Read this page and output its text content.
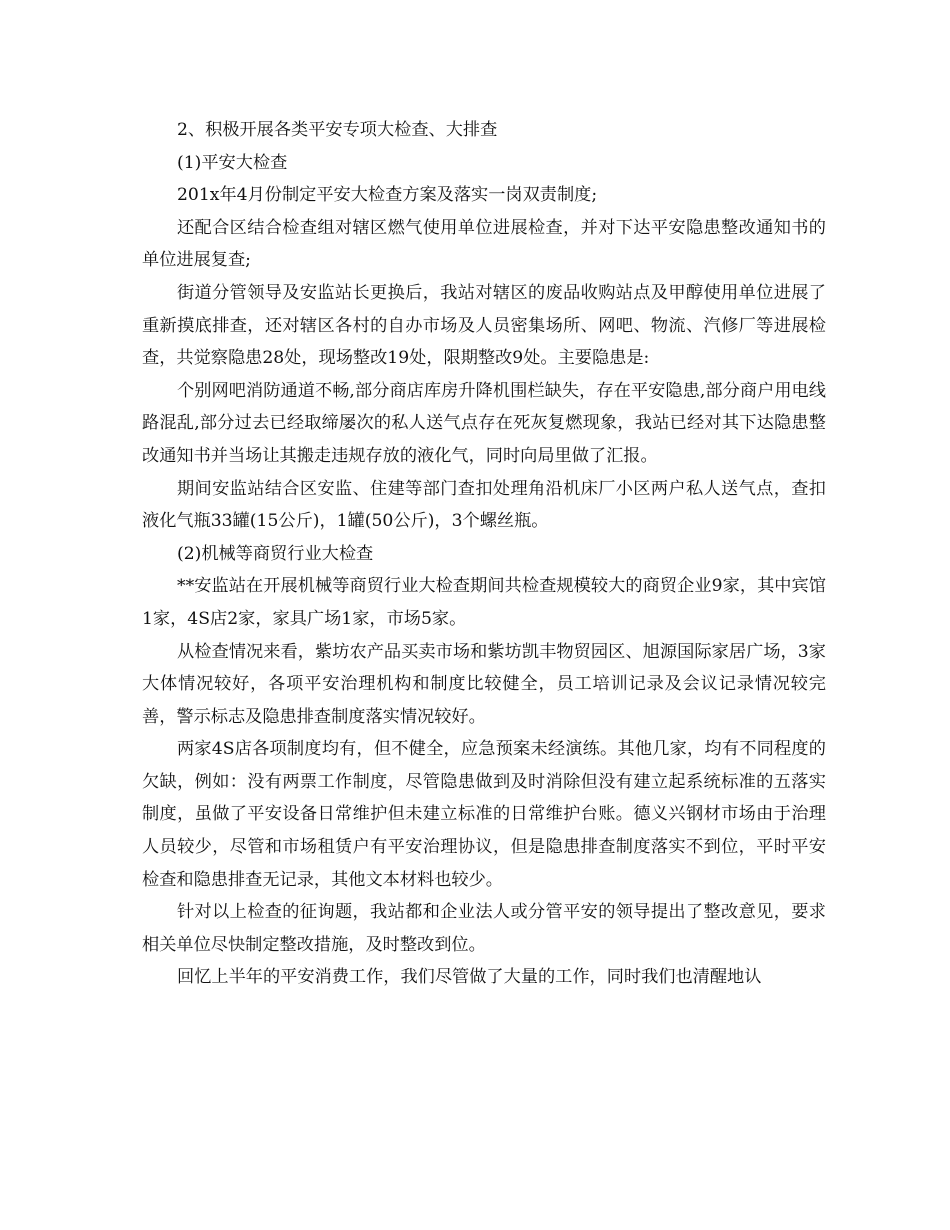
2、积极开展各类平安专项大检查、大排查

(1)平安大检查

201x年4月份制定平安大检查方案及落实一岗双责制度;

还配合区结合检查组对辖区燃气使用单位进展检查，并对下达平安隐患整改通知书的单位进展复查;

街道分管领导及安监站长更换后，我站对辖区的废品收购站点及甲醇使用单位进展了重新摸底排查，还对辖区各村的自办市场及人员密集场所、网吧、物流、汽修厂等进展检查，共觉察隐患28处，现场整改19处，限期整改9处。主要隐患是:

个别网吧消防通道不畅,部分商店库房升降机围栏缺失，存在平安隐患,部分商户用电线路混乱,部分过去已经取缔屡次的私人送气点存在死灰复燃现象，我站已经对其下达隐患整改通知书并当场让其搬走违规存放的液化气，同时向局里做了汇报。

期间安监站结合区安监、住建等部门查扣处理角沿机床厂小区两户私人送气点，查扣液化气瓶33罐(15公斤)，1罐(50公斤)，3个螺丝瓶。

(2)机械等商贸行业大检查

**安监站在开展机械等商贸行业大检查期间共检查规模较大的商贸企业9家，其中宾馆1家，4S店2家，家具广场1家，市场5家。

从检查情况来看，紫坊农产品买卖市场和紫坊凯丰物贸园区、旭源国际家居广场，3家大体情况较好，各项平安治理机构和制度比较健全，员工培训记录及会议记录情况较完善，警示标志及隐患排查制度落实情况较好。

两家4S店各项制度均有，但不健全，应急预案未经演练。其他几家，均有不同程度的欠缺，例如：没有两票工作制度，尽管隐患做到及时消除但没有建立起系统标准的五落实制度，虽做了平安设备日常维护但未建立标准的日常维护台账。德义兴钢材市场由于治理人员较少，尽管和市场租赁户有平安治理协议，但是隐患排查制度落实不到位，平时平安检查和隐患排查无记录，其他文本材料也较少。

针对以上检查的征询题，我站都和企业法人或分管平安的领导提出了整改意见，要求相关单位尽快制定整改措施，及时整改到位。

回忆上半年的平安消费工作，我们尽管做了大量的工作，同时我们也清醒地认
